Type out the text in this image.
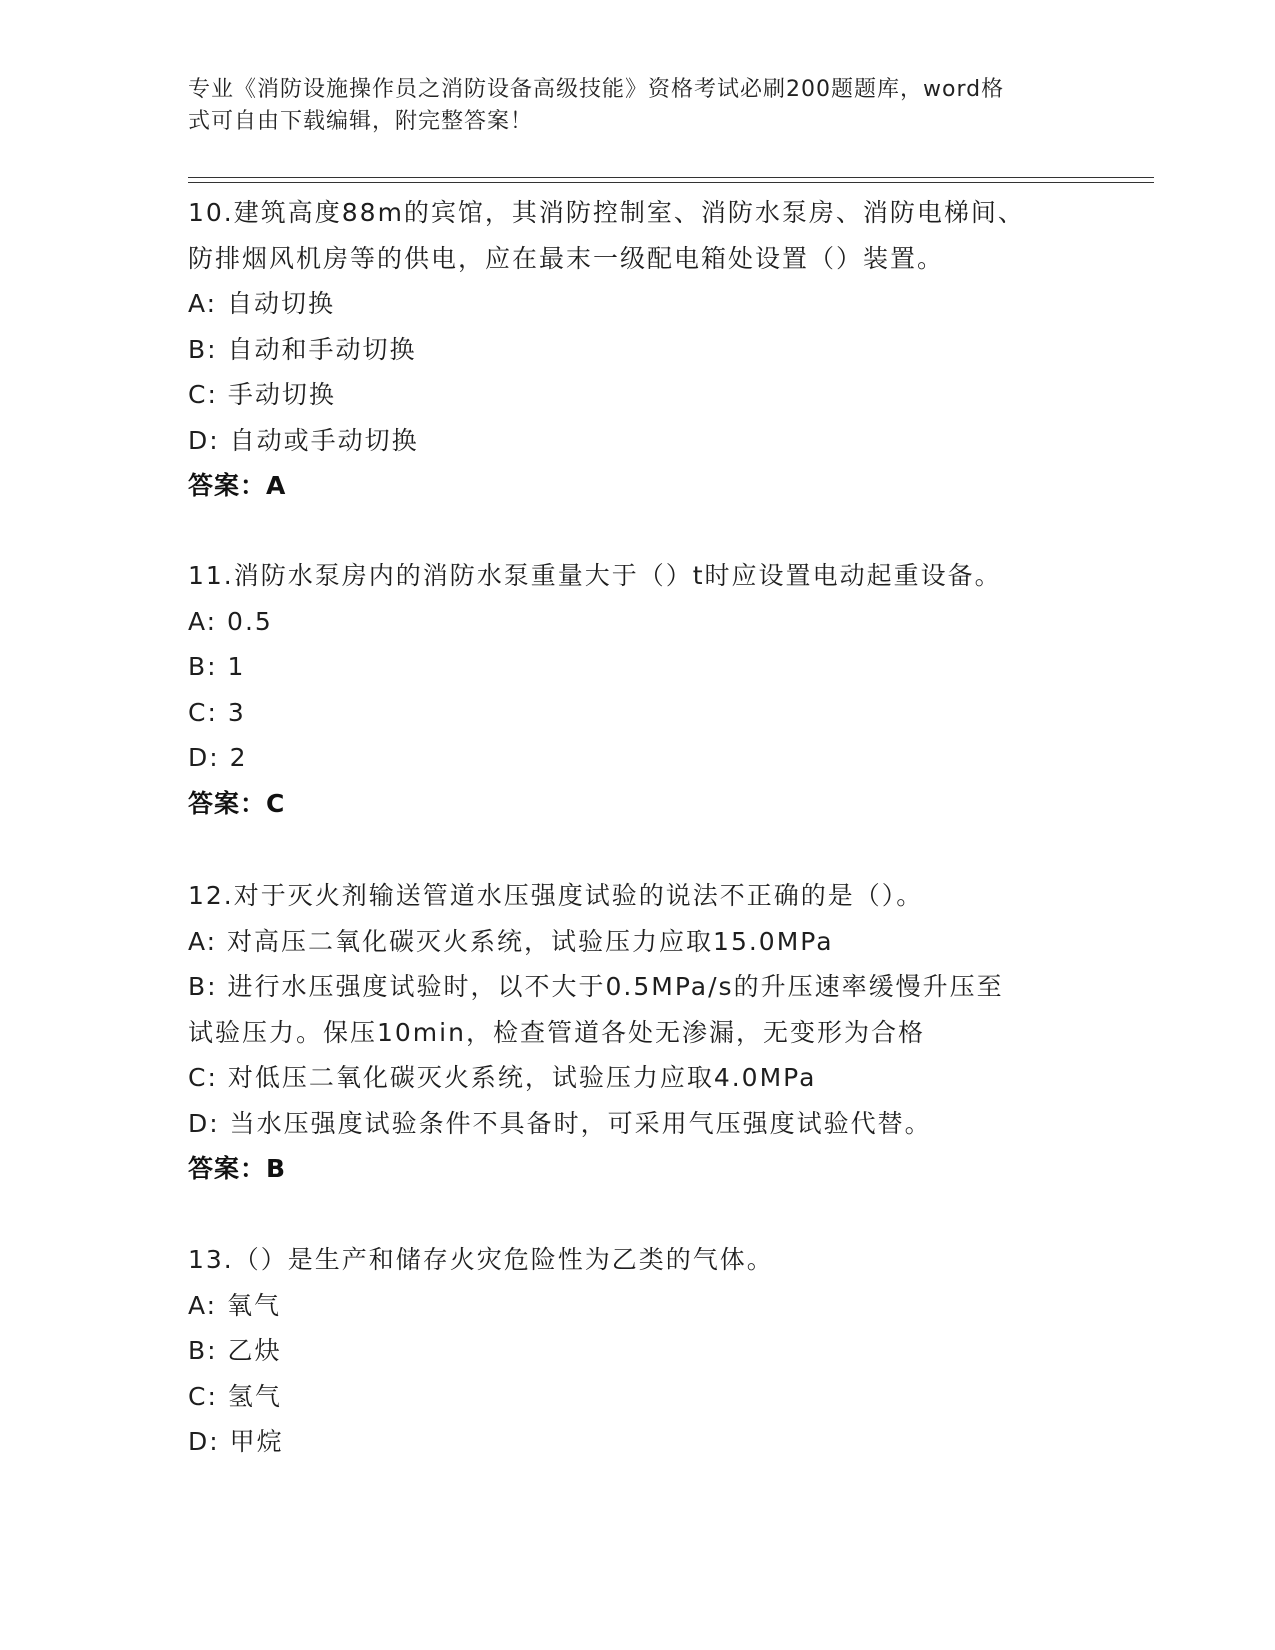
专业《消防设施操作员之消防设备高级技能》资格考试必刷200题题库，word格
式可自由下载编辑，附完整答案！
10.建筑高度88m的宾馆，其消防控制室、消防水泵房、消防电梯间、
防排烟风机房等的供电，应在最末一级配电箱处设置（）装置。
A: 自动切换
B: 自动和手动切换
C: 手动切换
D: 自动或手动切换
答案：A
11.消防水泵房内的消防水泵重量大于（）t时应设置电动起重设备。
A: 0.5
B: 1
C: 3
D: 2
答案：C
12.对于灭火剂输送管道水压强度试验的说法不正确的是（）。
A: 对高压二氧化碳灭火系统，试验压力应取15.0MPa
B: 进行水压强度试验时，以不大于0.5MPa/s的升压速率缓慢升压至
试验压力。保压10min，检查管道各处无渗漏，无变形为合格
C: 对低压二氧化碳灭火系统，试验压力应取4.0MPa
D: 当水压强度试验条件不具备时，可采用气压强度试验代替。
答案：B
13.（）是生产和储存火灾危险性为乙类的气体。
A: 氧气
B: 乙炔
C: 氢气
D: 甲烷
